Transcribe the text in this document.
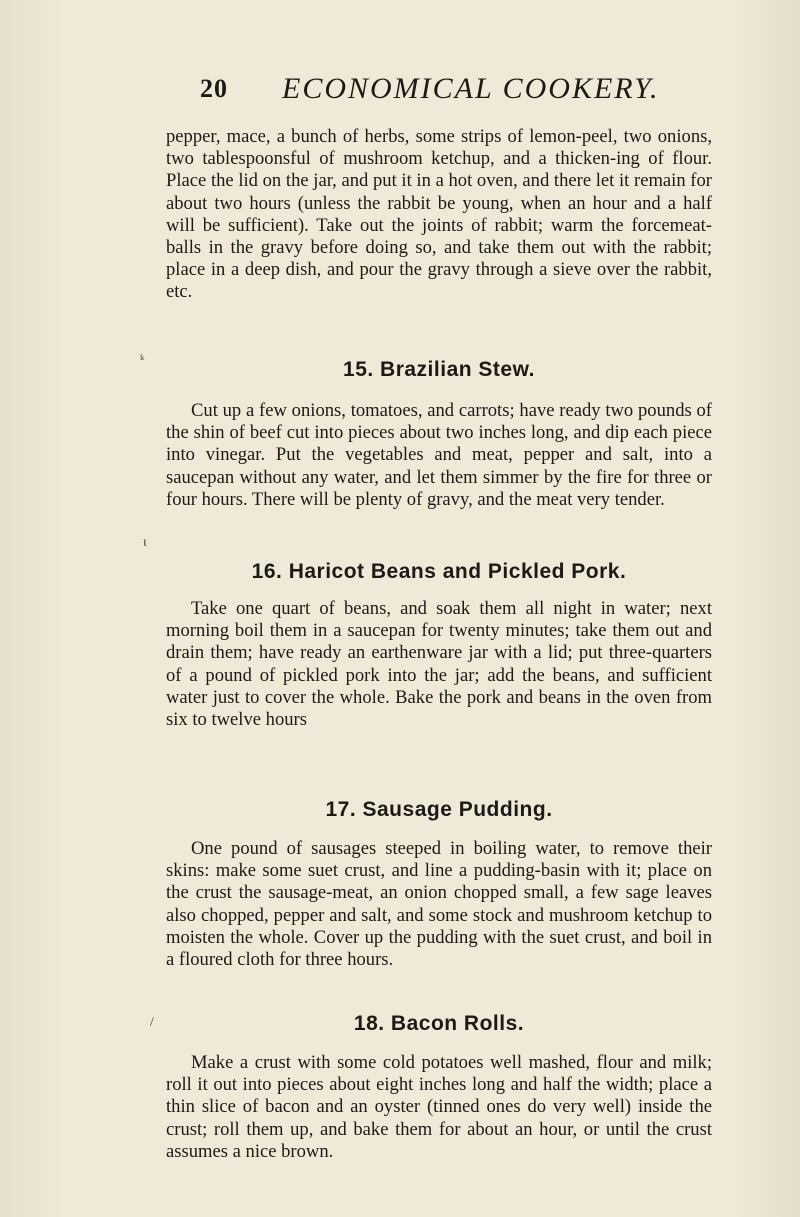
20 ECONOMICAL COOKERY.

pepper, mace, a bunch of herbs, some strips of lemon-peel, two onions, two tablespoonsful of mushroom ketchup, and a thicken-ing of flour. Place the lid on the jar, and put it in a hot oven, and there let it remain for about two hours (unless the rabbit be young, when an hour and a half will be sufficient). Take out the joints of rabbit; warm the forcemeat-balls in the gravy before doing so, and take them out with the rabbit; place in a deep dish, and pour the gravy through a sieve over the rabbit, etc.

ᵏ	15. Brazilian Stew.

Cut up a few onions, tomatoes, and carrots; have ready two pounds of the shin of beef cut into pieces about two inches long, and dip each piece into vinegar. Put the vegetables and meat, pepper and salt, into a saucepan without any water, and let them simmer by the fire for three or four hours. There will be plenty of gravy, and the meat very tender.

ι
16. Haricot Beans and Pickled Pork.

Take one quart of beans, and soak them all night in water; next morning boil them in a saucepan for twenty minutes; take them out and drain them; have ready an earthenware jar with a lid; put three-quarters of a pound of pickled pork into the jar; add the beans, and sufficient water just to cover the whole. Bake the pork and beans in the oven from six to twelve hours

17. Sausage Pudding.

One pound of sausages steeped in boiling water, to remove their skins: make some suet crust, and line a pudding-basin with it; place on the crust the sausage-meat, an onion chopped small, a few sage leaves also chopped, pepper and salt, and some stock and mushroom ketchup to moisten the whole. Cover up the pudding with the suet crust, and boil in a floured cloth for three hours.

/	18. Bacon Rolls.

Make a crust with some cold potatoes well mashed, flour and milk; roll it out into pieces about eight inches long and half the width; place a thin slice of bacon and an oyster (tinned ones do very well) inside the crust; roll them up, and bake them for about an hour, or until the crust assumes a nice brown.
